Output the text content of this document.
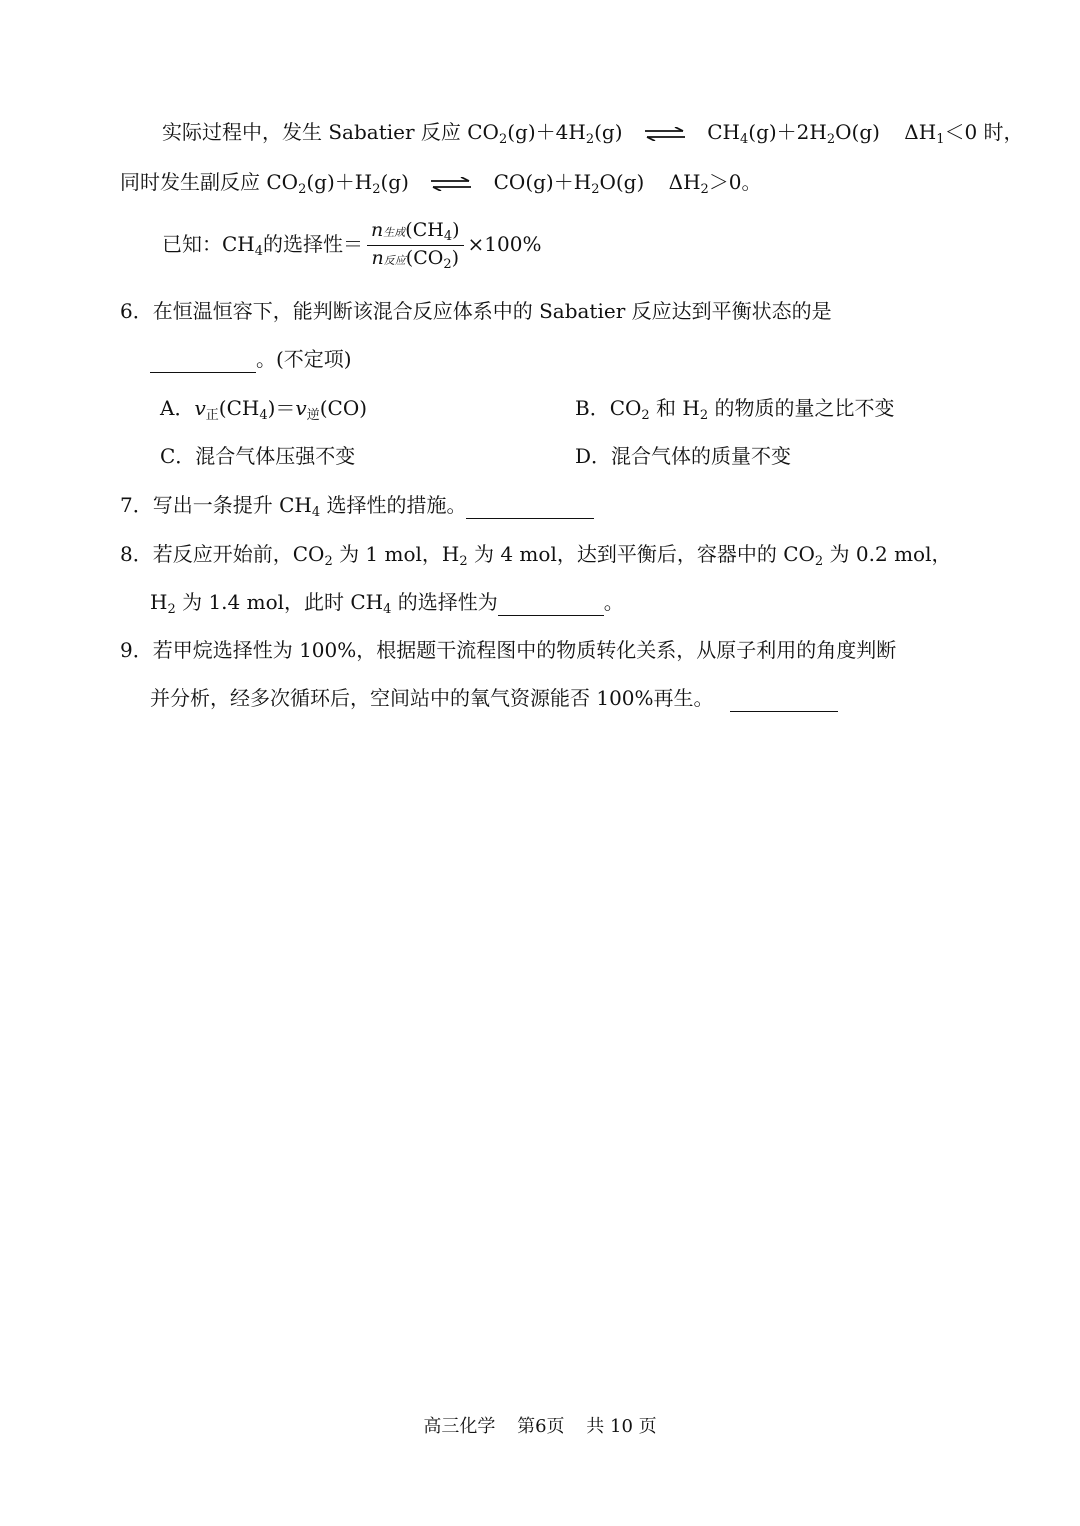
实际过程中，发生 Sabatier 反应 $CO_2(g)+4H_2(g)$ ⇌ $CH_4(g)+2H_2O(g)$ $\Delta H_1<0$ 时，
同时发生副反应 $CO_2(g)+H_2(g)$ ⇌ $CO(g)+H_2O(g)$ $\Delta H_2>0$。
已知：$CH_4$的选择性＝ $\frac{n生成(CH_4)}{n反应(CO_2)} \times 100\%$
6．在恒温恒容下，能判断该混合反应体系中的 Sabatier 反应达到平衡状态的是
。(不定项)
A．$v_正(CH_4)=v_逆(CO)$	B．$CO_2$ 和 $H_2$ 的物质的量之比不变
C．混合气体压强不变	D．混合气体的质量不变
7．写出一条提升 $CH_4$ 选择性的措施。
8．若反应开始前，$CO_2$ 为 1 mol，$H_2$ 为 4 mol，达到平衡后，容器中的 $CO_2$ 为 0.2 mol，
$H_2$ 为 1.4 mol，此时 $CH_4$ 的选择性为	。
9．若甲烷选择性为 100%，根据题干流程图中的物质转化关系，从原子利用的角度判断
并分析，经多次循环后，空间站中的氧气资源能否 100%再生。
高三化学 第6页 共 10 页
